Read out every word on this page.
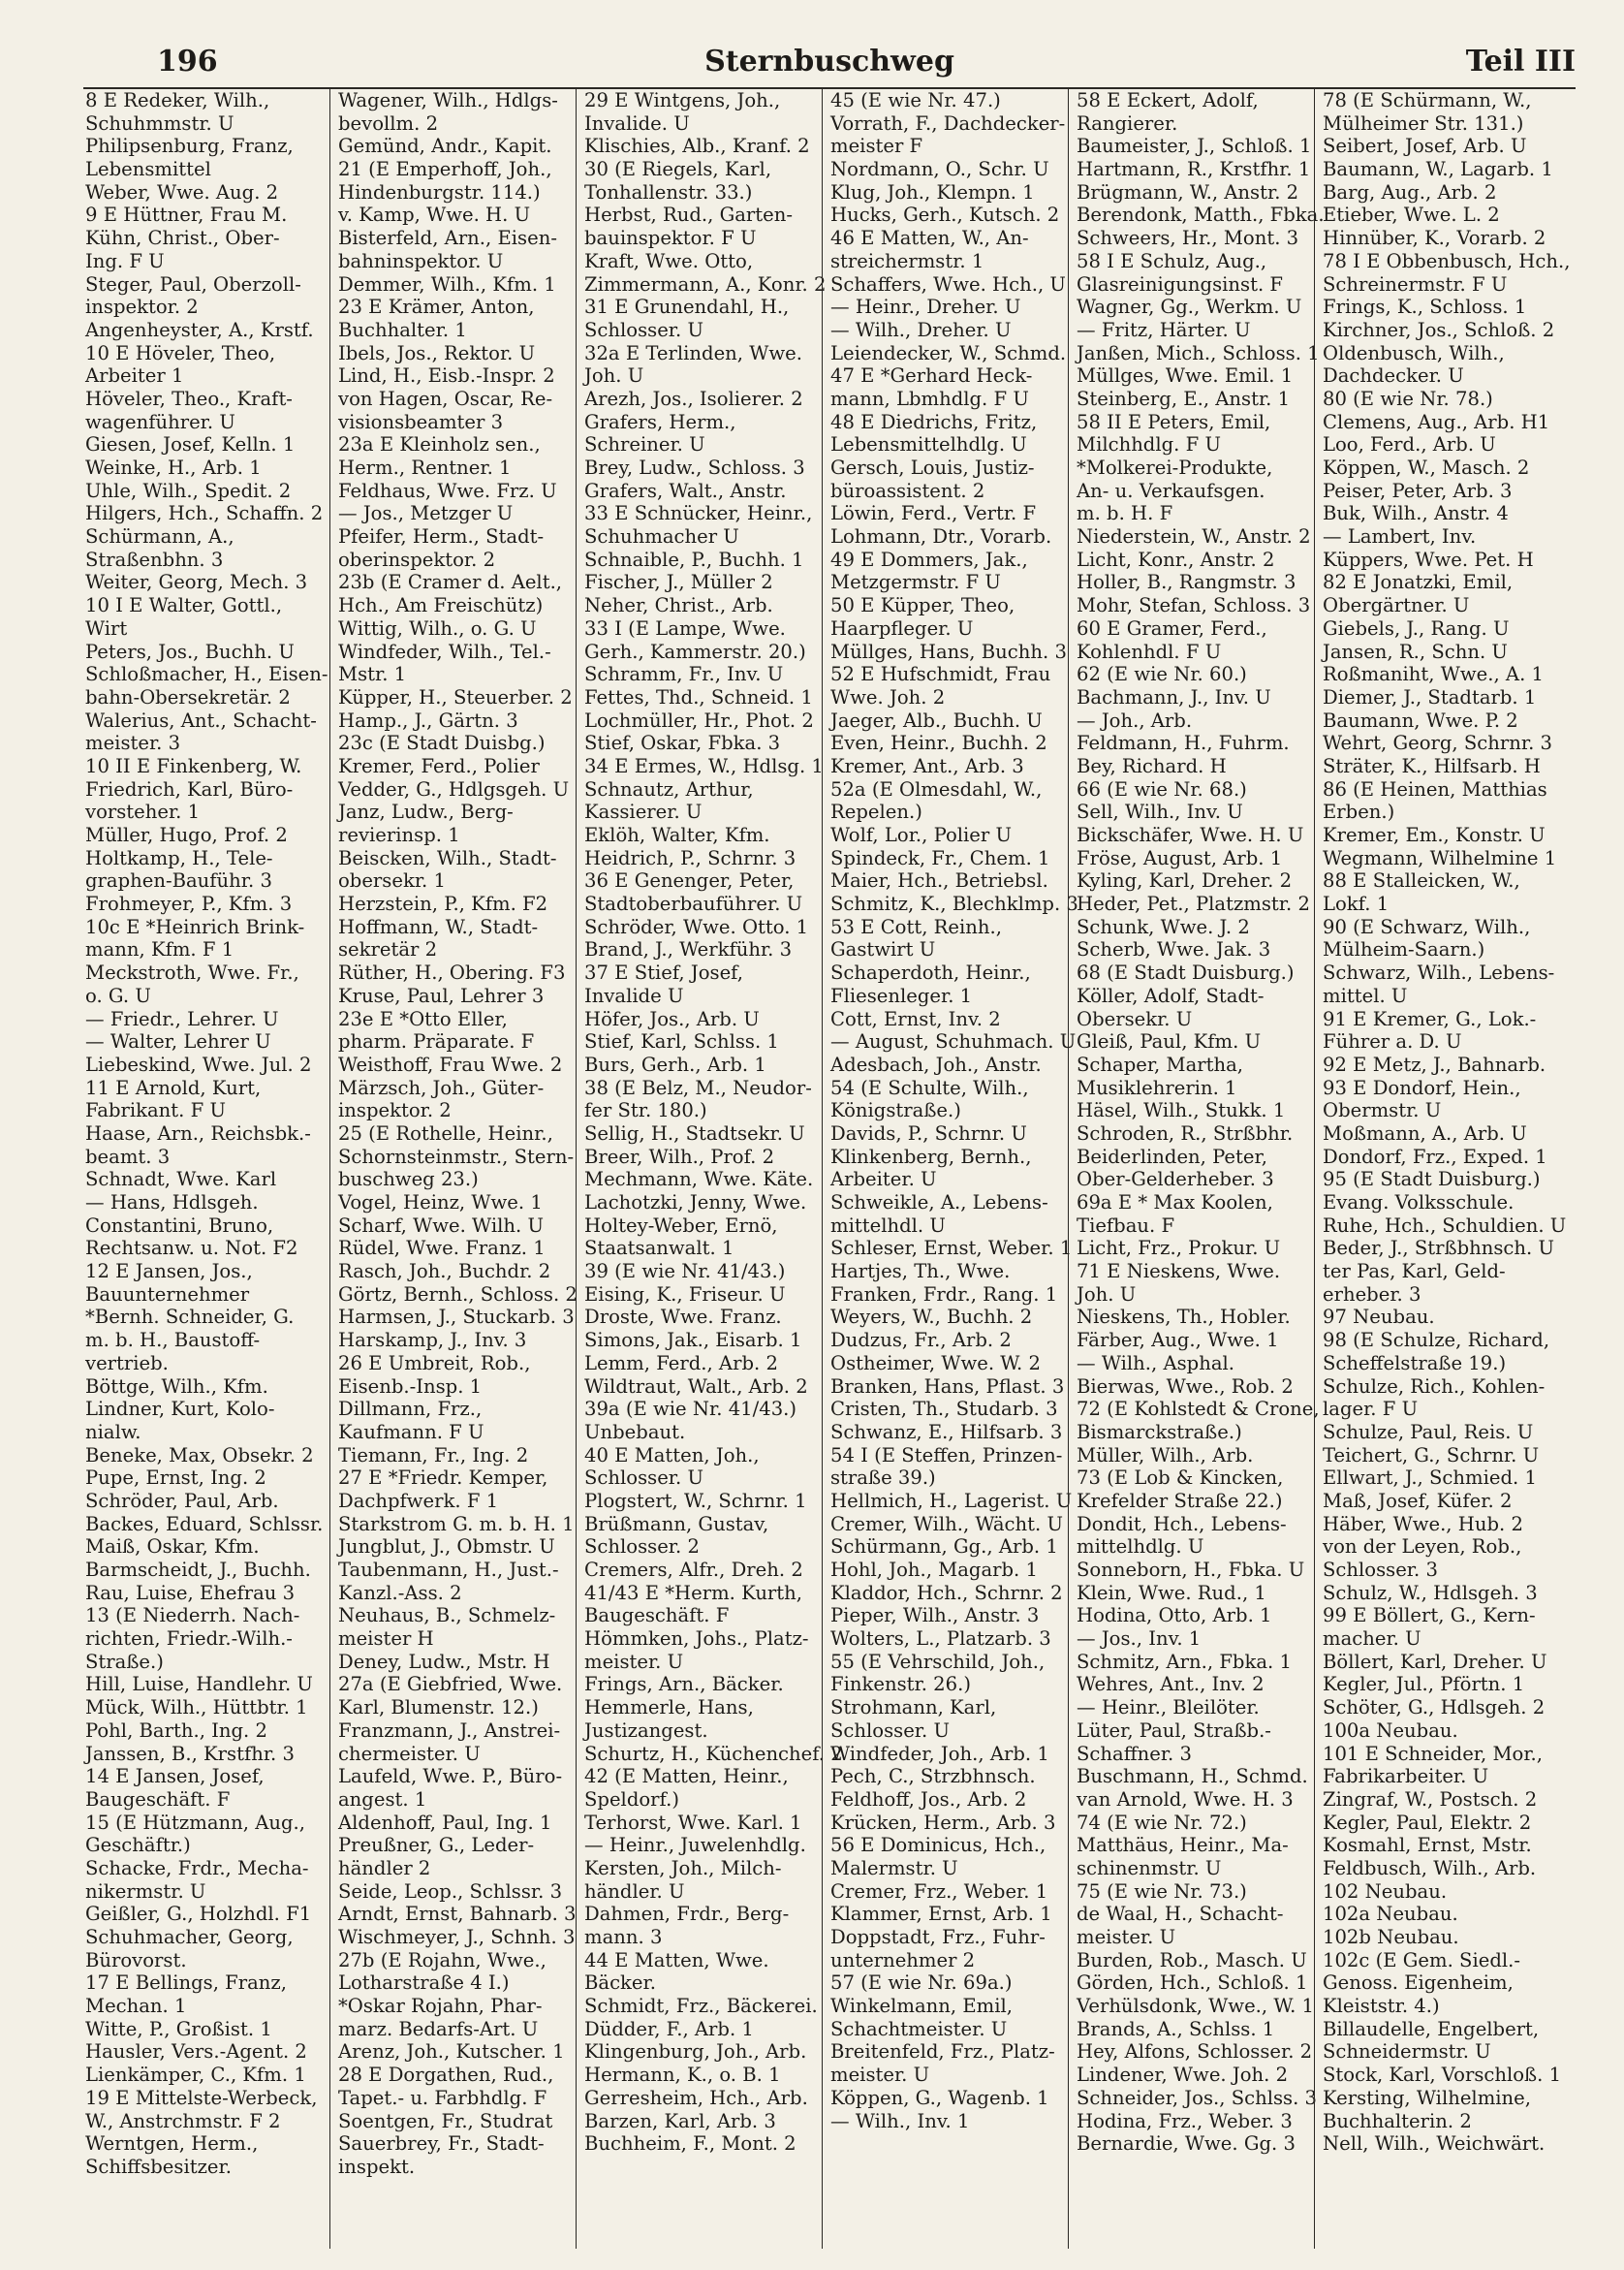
196	Sternbuschweg	Teil III
8 E Redeker, Wilh.,
Schuhmmstr. U
Philipsenburg, Franz,
Lebensmittel
Weber, Wwe. Aug. 2
9 E Hüttner, Frau M.
Kühn, Christ., Ober-
Ing. F U
Steger, Paul, Oberzoll-
inspektor. 2
Angenheyster, A., Krstf.
10 E Höveler, Theo,
Arbeiter 1
Höveler, Theo., Kraft-
wagenführer. U
Giesen, Josef, Kelln. 1
Weinke, H., Arb. 1
Uhle, Wilh., Spedit. 2
Hilgers, Hch., Schaffn. 2
Schürmann, A.,
Straßenbhn. 3
Weiter, Georg, Mech. 3
10 I E Walter, Gottl.,
Wirt
Peters, Jos., Buchh. U
Schloßmacher, H., Eisen-
bahn-Obersekretär. 2
Walerius, Ant., Schacht-
meister. 3
10 II E Finkenberg, W.
Friedrich, Karl, Büro-
vorsteher. 1
Müller, Hugo, Prof. 2
Holtkamp, H., Tele-
graphen-Bauführ. 3
Frohmeyer, P., Kfm. 3
10c E *Heinrich Brink-
mann, Kfm. F 1
Meckstroth, Wwe. Fr.,
o. G. U
— Friedr., Lehrer. U
— Walter, Lehrer U
Liebeskind, Wwe. Jul. 2
11 E Arnold, Kurt,
Fabrikant. F U
Haase, Arn., Reichsbk.-
beamt. 3
Schnadt, Wwe. Karl
— Hans, Hdlsgeh.
Constantini, Bruno,
Rechtsanw. u. Not. F2
12 E Jansen, Jos.,
Bauunternehmer
*Bernh. Schneider, G.
m. b. H., Baustoff-
vertrieb.
Böttge, Wilh., Kfm.
Lindner, Kurt, Kolo-
nialw.
Beneke, Max, Obsekr. 2
Pupe, Ernst, Ing. 2
Schröder, Paul, Arb.
Backes, Eduard, Schlssr.
Maiß, Oskar, Kfm.
Barmscheidt, J., Buchh.
Rau, Luise, Ehefrau 3
13 (E Niederrh. Nach-
richten, Friedr.-Wilh.-
Straße.)
Hill, Luise, Handlehr. U
Mück, Wilh., Hüttbtr. 1
Pohl, Barth., Ing. 2
Janssen, B., Krstfhr. 3
14 E Jansen, Josef,
Baugeschäft. F
15 (E Hützmann, Aug.,
Geschäftr.)
Schacke, Frdr., Mecha-
nikermstr. U
Geißler, G., Holzhdl. F1
Schuhmacher, Georg,
Bürovorst.
17 E Bellings, Franz,
Mechan. 1
Witte, P., Großist. 1
Hausler, Vers.-Agent. 2
Lienkämper, C., Kfm. 1
19 E Mittelste-Werbeck,
W., Anstrchmstr. F 2
Werntgen, Herm.,
Schiffsbesitzer.
Wagener, Wilh., Hdlgs-
bevollm. 2
Gemünd, Andr., Kapit.
21 (E Emperhoff, Joh.,
Hindenburgstr. 114.)
v. Kamp, Wwe. H. U
Bisterfeld, Arn., Eisen-
bahninspektor. U
Demmer, Wilh., Kfm. 1
23 E Krämer, Anton,
Buchhalter. 1
Ibels, Jos., Rektor. U
Lind, H., Eisb.-Inspr. 2
von Hagen, Oscar, Re-
visionsbeamter 3
23a E Kleinholz sen.,
Herm., Rentner. 1
Feldhaus, Wwe. Frz. U
— Jos., Metzger U
Pfeifer, Herm., Stadt-
oberinspektor. 2
23b (E Cramer d. Aelt.,
Hch., Am Freischütz)
Wittig, Wilh., o. G. U
Windfeder, Wilh., Tel.-
Mstr. 1
Küpper, H., Steuerber. 2
Hamp., J., Gärtn. 3
23c (E Stadt Duisbg.)
Kremer, Ferd., Polier
Vedder, G., Hdlgsgeh. U
Janz, Ludw., Berg-
revierinsp. 1
Beiscken, Wilh., Stadt-
obersekr. 1
Herzstein, P., Kfm. F2
Hoffmann, W., Stadt-
sekretär 2
Rüther, H., Obering. F3
Kruse, Paul, Lehrer 3
23e E *Otto Eller,
pharm. Präparate. F
Weisthoff, Frau Wwe. 2
Märzsch, Joh., Güter-
inspektor. 2
25 (E Rothelle, Heinr.,
Schornsteinmstr., Stern-
buschweg 23.)
Vogel, Heinz, Wwe. 1
Scharf, Wwe. Wilh. U
Rüdel, Wwe. Franz. 1
Rasch, Joh., Buchdr. 2
Görtz, Bernh., Schloss. 2
Harmsen, J., Stuckarb. 3
Harskamp, J., Inv. 3
26 E Umbreit, Rob.,
Eisenb.-Insp. 1
Dillmann, Frz.,
Kaufmann. F U
Tiemann, Fr., Ing. 2
27 E *Friedr. Kemper,
Dachpfwerk. F 1
Starkstrom G. m. b. H. 1
Jungblut, J., Obmstr. U
Taubenmann, H., Just.-
Kanzl.-Ass. 2
Neuhaus, B., Schmelz-
meister H
Deney, Ludw., Mstr. H
27a (E Giebfried, Wwe.
Karl, Blumenstr. 12.)
Franzmann, J., Anstrei-
chermeister. U
Laufeld, Wwe. P., Büro-
angest. 1
Aldenhoff, Paul, Ing. 1
Preußner, G., Leder-
händler 2
Seide, Leop., Schlssr. 3
Arndt, Ernst, Bahnarb. 3
Wischmeyer, J., Schnh. 3
27b (E Rojahn, Wwe.,
Lotharstraße 4 I.)
*Oskar Rojahn, Phar-
marz. Bedarfs-Art. U
Arenz, Joh., Kutscher. 1
28 E Dorgathen, Rud.,
Tapet.- u. Farbhdlg. F
Soentgen, Fr., Studrat
Sauerbrey, Fr., Stadt-
inspekt.
29 E Wintgens, Joh.,
Invalide. U
Klischies, Alb., Kranf. 2
30 (E Riegels, Karl,
Tonhallenstr. 33.)
Herbst, Rud., Garten-
bauinspektor. F U
Kraft, Wwe. Otto,
Zimmermann, A., Konr. 2
31 E Grunendahl, H.,
Schlosser. U
32a E Terlinden, Wwe.
Joh. U
Arezh, Jos., Isolierer. 2
Grafers, Herm.,
Schreiner. U
Brey, Ludw., Schloss. 3
Grafers, Walt., Anstr.
33 E Schnücker, Heinr.,
Schuhmacher U
Schnaible, P., Buchh. 1
Fischer, J., Müller 2
Neher, Christ., Arb.
33 I (E Lampe, Wwe.
Gerh., Kammerstr. 20.)
Schramm, Fr., Inv. U
Fettes, Thd., Schneid. 1
Lochmüller, Hr., Phot. 2
Stief, Oskar, Fbka. 3
34 E Ermes, W., Hdlsg. 1
Schnautz, Arthur,
Kassierer. U
Eklöh, Walter, Kfm.
Heidrich, P., Schrnr. 3
36 E Genenger, Peter,
Stadtoberbauführer. U
Schröder, Wwe. Otto. 1
Brand, J., Werkführ. 3
37 E Stief, Josef,
Invalide U
Höfer, Jos., Arb. U
Stief, Karl, Schlss. 1
Burs, Gerh., Arb. 1
38 (E Belz, M., Neudor-
fer Str. 180.)
Sellig, H., Stadtsekr. U
Breer, Wilh., Prof. 2
Mechmann, Wwe. Käte.
Lachotzki, Jenny, Wwe.
Holtey-Weber, Ernö,
Staatsanwalt. 1
39 (E wie Nr. 41/43.)
Eising, K., Friseur. U
Droste, Wwe. Franz.
Simons, Jak., Eisarb. 1
Lemm, Ferd., Arb. 2
Wildtraut, Walt., Arb. 2
39a (E wie Nr. 41/43.)
Unbebaut.
40 E Matten, Joh.,
Schlosser. U
Plogstert, W., Schrnr. 1
Brüßmann, Gustav,
Schlosser. 2
Cremers, Alfr., Dreh. 2
41/43 E *Herm. Kurth,
Baugeschäft. F
Hömmken, Johs., Platz-
meister. U
Frings, Arn., Bäcker.
Hemmerle, Hans,
Justizangest.
Schurtz, H., Küchenchef. 2
42 (E Matten, Heinr.,
Speldorf.)
Terhorst, Wwe. Karl. 1
— Heinr., Juwelenhdlg.
Kersten, Joh., Milch-
händler. U
Dahmen, Frdr., Berg-
mann. 3
44 E Matten, Wwe.
Bäcker.
Schmidt, Frz., Bäckerei.
Düdder, F., Arb. 1
Klingenburg, Joh., Arb.
Hermann, K., o. B. 1
Gerresheim, Hch., Arb.
Barzen, Karl, Arb. 3
Buchheim, F., Mont. 2
45 (E wie Nr. 47.)
Vorrath, F., Dachdecker-
meister F
Nordmann, O., Schr. U
Klug, Joh., Klempn. 1
Hucks, Gerh., Kutsch. 2
46 E Matten, W., An-
streichermstr. 1
Schaffers, Wwe. Hch., U
— Heinr., Dreher. U
— Wilh., Dreher. U
Leiendecker, W., Schmd.
47 E *Gerhard Heck-
mann, Lbmhdlg. F U
48 E Diedrichs, Fritz,
Lebensmittelhdlg. U
Gersch, Louis, Justiz-
büroassistent. 2
Löwin, Ferd., Vertr. F
Lohmann, Dtr., Vorarb.
49 E Dommers, Jak.,
Metzgermstr. F U
50 E Küpper, Theo,
Haarpfleger. U
Müllges, Hans, Buchh. 3
52 E Hufschmidt, Frau
Wwe. Joh. 2
Jaeger, Alb., Buchh. U
Even, Heinr., Buchh. 2
Kremer, Ant., Arb. 3
52a (E Olmesdahl, W.,
Repelen.)
Wolf, Lor., Polier U
Spindeck, Fr., Chem. 1
Maier, Hch., Betriebsl.
Schmitz, K., Blechklmp. 3
53 E Cott, Reinh.,
Gastwirt U
Schaperdoth, Heinr.,
Fliesenleger. 1
Cott, Ernst, Inv. 2
— August, Schuhmach. U
Adesbach, Joh., Anstr.
54 (E Schulte, Wilh.,
Königstraße.)
Davids, P., Schrnr. U
Klinkenberg, Bernh.,
Arbeiter. U
Schweikle, A., Lebens-
mittelhdl. U
Schleser, Ernst, Weber. 1
Hartjes, Th., Wwe.
Franken, Frdr., Rang. 1
Weyers, W., Buchh. 2
Dudzus, Fr., Arb. 2
Ostheimer, Wwe. W. 2
Branken, Hans, Pflast. 3
Cristen, Th., Studarb. 3
Schwanz, E., Hilfsarb. 3
54 I (E Steffen, Prinzen-
straße 39.)
Hellmich, H., Lagerist. U
Cremer, Wilh., Wächt. U
Schürmann, Gg., Arb. 1
Hohl, Joh., Magarb. 1
Kladdor, Hch., Schrnr. 2
Pieper, Wilh., Anstr. 3
Wolters, L., Platzarb. 3
55 (E Vehrschild, Joh.,
Finkenstr. 26.)
Strohmann, Karl,
Schlosser. U
Windfeder, Joh., Arb. 1
Pech, C., Strzbhnsch.
Feldhoff, Jos., Arb. 2
Krücken, Herm., Arb. 3
56 E Dominicus, Hch.,
Malermstr. U
Cremer, Frz., Weber. 1
Klammer, Ernst, Arb. 1
Doppstadt, Frz., Fuhr-
unternehmer 2
57 (E wie Nr. 69a.)
Winkelmann, Emil,
Schachtmeister. U
Breitenfeld, Frz., Platz-
meister. U
Köppen, G., Wagenb. 1
— Wilh., Inv. 1
58 E Eckert, Adolf,
Rangierer.
Baumeister, J., Schloß. 1
Hartmann, R., Krstfhr. 1
Brügmann, W., Anstr. 2
Berendonk, Matth., Fbka.
Schweers, Hr., Mont. 3
58 I E Schulz, Aug.,
Glasreinigungsinst. F
Wagner, Gg., Werkm. U
— Fritz, Härter. U
Janßen, Mich., Schloss. 1
Müllges, Wwe. Emil. 1
Steinberg, E., Anstr. 1
58 II E Peters, Emil,
Milchhdlg. F U
*Molkerei-Produkte,
An- u. Verkaufsgen.
m. b. H. F
Niederstein, W., Anstr. 2
Licht, Konr., Anstr. 2
Holler, B., Rangmstr. 3
Mohr, Stefan, Schloss. 3
60 E Gramer, Ferd.,
Kohlenhdl. F U
62 (E wie Nr. 60.)
Bachmann, J., Inv. U
— Joh., Arb.
Feldmann, H., Fuhrm.
Bey, Richard. H
66 (E wie Nr. 68.)
Sell, Wilh., Inv. U
Bickschäfer, Wwe. H. U
Fröse, August, Arb. 1
Kyling, Karl, Dreher. 2
Heder, Pet., Platzmstr. 2
Schunk, Wwe. J. 2
Scherb, Wwe. Jak. 3
68 (E Stadt Duisburg.)
Köller, Adolf, Stadt-
Obersekr. U
Gleiß, Paul, Kfm. U
Schaper, Martha,
Musiklehrerin. 1
Häsel, Wilh., Stukk. 1
Schroden, R., Strßbhr.
Beiderlinden, Peter,
Ober-Gelderheber. 3
69a E * Max Koolen,
Tiefbau. F
Licht, Frz., Prokur. U
71 E Nieskens, Wwe.
Joh. U
Nieskens, Th., Hobler.
Färber, Aug., Wwe. 1
— Wilh., Asphal.
Bierwas, Wwe., Rob. 2
72 (E Kohlstedt & Crone,
Bismarckstraße.)
Müller, Wilh., Arb.
73 (E Lob & Kincken,
Krefelder Straße 22.)
Dondit, Hch., Lebens-
mittelhdlg. U
Sonneborn, H., Fbka. U
Klein, Wwe. Rud., 1
Hodina, Otto, Arb. 1
— Jos., Inv. 1
Schmitz, Arn., Fbka. 1
Wehres, Ant., Inv. 2
— Heinr., Bleilöter.
Lüter, Paul, Straßb.-
Schaffner. 3
Buschmann, H., Schmd.
van Arnold, Wwe. H. 3
74 (E wie Nr. 72.)
Matthäus, Heinr., Ma-
schinenmstr. U
75 (E wie Nr. 73.)
de Waal, H., Schacht-
meister. U
Burden, Rob., Masch. U
Görden, Hch., Schloß. 1
Verhülsdonk, Wwe., W. 1
Brands, A., Schlss. 1
Hey, Alfons, Schlosser. 2
Lindener, Wwe. Joh. 2
Schneider, Jos., Schlss. 3
Hodina, Frz., Weber. 3
Bernardie, Wwe. Gg. 3
78 (E Schürmann, W.,
Mülheimer Str. 131.)
Seibert, Josef, Arb. U
Baumann, W., Lagarb. 1
Barg, Aug., Arb. 2
Etieber, Wwe. L. 2
Hinnüber, K., Vorarb. 2
78 I E Obbenbusch, Hch.,
Schreinermstr. F U
Frings, K., Schloss. 1
Kirchner, Jos., Schloß. 2
Oldenbusch, Wilh.,
Dachdecker. U
80 (E wie Nr. 78.)
Clemens, Aug., Arb. H1
Loo, Ferd., Arb. U
Köppen, W., Masch. 2
Peiser, Peter, Arb. 3
Buk, Wilh., Anstr. 4
— Lambert, Inv.
Küppers, Wwe. Pet. H
82 E Jonatzki, Emil,
Obergärtner. U
Giebels, J., Rang. U
Jansen, R., Schn. U
Roßmaniht, Wwe., A. 1
Diemer, J., Stadtarb. 1
Baumann, Wwe. P. 2
Wehrt, Georg, Schrnr. 3
Sträter, K., Hilfsarb. H
86 (E Heinen, Matthias
Erben.)
Kremer, Em., Konstr. U
Wegmann, Wilhelmine 1
88 E Stalleicken, W.,
Lokf. 1
90 (E Schwarz, Wilh.,
Mülheim-Saarn.)
Schwarz, Wilh., Lebens-
mittel. U
91 E Kremer, G., Lok.-
Führer a. D. U
92 E Metz, J., Bahnarb.
93 E Dondorf, Hein.,
Obermstr. U
Moßmann, A., Arb. U
Dondorf, Frz., Exped. 1
95 (E Stadt Duisburg.)
Evang. Volksschule.
Ruhe, Hch., Schuldien. U
Beder, J., Strßbhnsch. U
ter Pas, Karl, Geld-
erheber. 3
97 Neubau.
98 (E Schulze, Richard,
Scheffelstraße 19.)
Schulze, Rich., Kohlen-
lager. F U
Schulze, Paul, Reis. U
Teichert, G., Schrnr. U
Ellwart, J., Schmied. 1
Maß, Josef, Küfer. 2
Häber, Wwe., Hub. 2
von der Leyen, Rob.,
Schlosser. 3
Schulz, W., Hdlsgeh. 3
99 E Böllert, G., Kern-
macher. U
Böllert, Karl, Dreher. U
Kegler, Jul., Pförtn. 1
Schöter, G., Hdlsgeh. 2
100a Neubau.
101 E Schneider, Mor.,
Fabrikarbeiter. U
Zingraf, W., Postsch. 2
Kegler, Paul, Elektr. 2
Kosmahl, Ernst, Mstr.
Feldbusch, Wilh., Arb.
102 Neubau.
102a Neubau.
102b Neubau.
102c (E Gem. Siedl.-
Genoss. Eigenheim,
Kleiststr. 4.)
Billaudelle, Engelbert,
Schneidermstr. U
Stock, Karl, Vorschloß. 1
Kersting, Wilhelmine,
Buchhalterin. 2
Nell, Wilh., Weichwärt.
